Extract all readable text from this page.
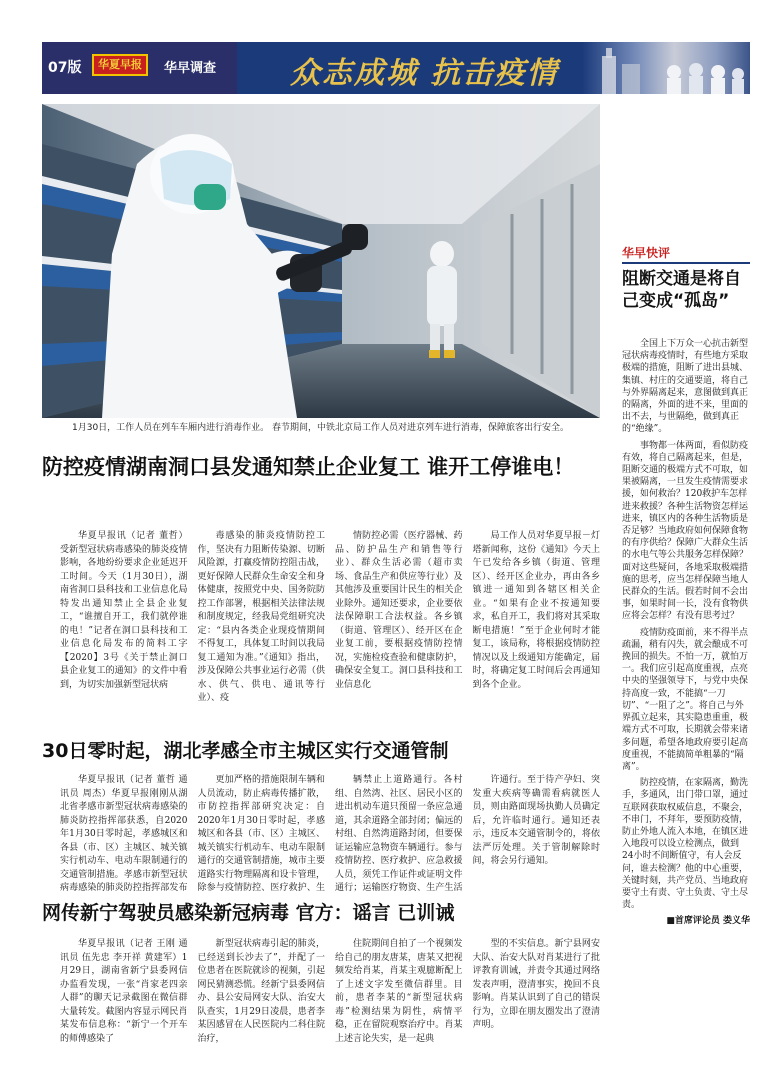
07版	华夏早报	华早调查 众志成城 抗击疫情
1月30日，工作人员在列车车厢内进行消毒作业。 春节期间，中铁北京局工作人员对进京列车进行消毒，保障旅客出行安全。
华早快评
阻断交通是将自己变成“孤岛”

全国上下万众一心抗击新型冠状病毒疫情时，有些地方采取极端的措施，阻断了进出县城、集镇、村庄的交通要道，将自己与外界隔离起来，意图做到真正的隔离，外面的进不来，里面的出不去，与世隔绝，做到真正的“绝缘”。

事物都一体两面，看似防疫有效，将自己隔离起来，但是，阻断交通的极端方式不可取，如果被隔离，一旦发生疫情需要求援，如何救治？120救护车怎样进来救援？各种生活物资怎样运进来，镇区内的各种生活物质是否足够？当地政府如何保障食物的有序供给？保障广大群众生活的水电气等公共服务怎样保障？面对这些疑问，各地采取极端措施的思考，应当怎样保障当地人民群众的生活。假若时间不会出事，如果时间一长，没有食物供应将会怎样？有没有思考过？

疫情防疫面前，来不得半点疏漏，稍有闪失，就会酿成不可挽回的损失。不怕一万，就怕万一。我们应引起高度重视，点亮中央的坚强领导下，与党中央保持高度一致，不能搞“一刀切”、“一阻了之”。将自己与外界孤立起来，其实隐患重重，极端方式不可取，长期就会带来诸多问题，希望各地政府要引起高度重视，不能搞简单粗暴的“隔离”。

防控疫情，在家隔离，勤洗手，多通风，出门带口罩，通过互联网获取权威信息，不聚会，不串门，不拜年，要预防疫情，防止外地人流入本地，在镇区进入地段可以设立检测点，做到24小时不间断值守，有人会反问，谁去检测？他的中心重要，关键时刻，共产党员、当地政府要守土有责、守土负责、守土尽责。

■首席评论员 娄义华

防控疫情湖南洞口县发通知禁止企业复工 谁开工停谁电！

华夏早报讯（记者 董哲）受新型冠状病毒感染的肺炎疫情影响，各地纷纷要求企业延迟开工时间。今天（1月30日），湖南省洞口县科技和工业信息化局特发出通知禁止全县企业复工，“谁擅自开工，我们就停谁的电！”记者在洞口县科技和工业信息化局发布的简料工字【2020】3号《关于禁止洞口县企业复工的通知》的文件中看到，为切实加强新型冠状病

毒感染的肺炎疫情防控工作，坚决有力阻断传染源、切断风险源，打赢疫情防控阻击战，更好保障人民群众生命安全和身体健康，按照党中央、国务院防控工作部署，根据相关法律法规和制度规定，经我局党组研究决定：“县内各类企业现疫情期间不得复工，具体复工时间以我局复工通知为准。”《通知》指出，涉及保障公共事业运行必需（供水、供气、供电、通讯等行业）、疫

情防控必需（医疗器械、药品、防护品生产和销售等行业）、群众生活必需（超市卖场、食品生产和供应等行业）及其他涉及重要国计民生的相关企业除外。通知还要求，企业要依法保障职工合法权益。各乡镇（街道、管理区）、经开区在企业复工前，要根据疫情防控情况，实施检疫查验和健康防护，确保安全复工。洞口县科技和工业信息化

局工作人员对华夏早报－灯塔新闻称，这份《通知》今天上午已发给各乡镇（街道、管理区）、经开区企业办，再由各乡镇进一通知到各辖区相关企业。“如果有企业不按通知要求，私自开工，我们将对其采取断电措施！”至于企业何时才能复工，该局称，将根据疫情防控情况以及上级通知方能确定，届时，将确定复工时间后会再通知到各个企业。

30日零时起，湖北孝感全市主城区实行交通管制

华夏早报讯（记者 董哲 通讯员 周杰）华夏早报刚刚从湖北省孝感市新型冠状病毒感染的肺炎防控指挥部获悉，自2020年1月30日零时起，孝感城区和各县（市、区）主城区、城关镇实行机动车、电动车限制通行的交通管制措施。孝感市新型冠状病毒感染的肺炎防控指挥部发布

更加严格的措施限制车辆和人员流动，防止病毒传播扩散，市防控指挥部研究决定：自2020年1月30日零时起，孝感城区和各县（市、区）主城区、城关镇实行机动车、电动车限制通行的交通管制措施，城市主要道路实行物理隔离和设卡管理，除参与疫情防控、医疗救护、生

辆禁止上道路通行。各村组、自然湾、社区、居民小区的进出机动车道只预留一条应急通道，其余道路全部封闭；偏远的村组、自然湾道路封闭，但要保证运输应急物资车辆通行。参与疫情防控、医疗救护、应急救援人员，须凭工作证件或证明文件通行；运输医疗物资、生产生活

许通行。至于待产孕妇、突发重大疾病等确需看病就医人员，则由路面现场执勤人员确定后，允许临时通行。通知还表示，违反本交通管制令的，将依法严厉处理。关于管制解除时间，将会另行通知。

网传新宁驾驶员感染新冠病毒 官方：谣言 已训诫

华夏早报讯（记者 王刚 通讯员 伍先忠 李开祥 黄建军）1月29日，湖南省新宁县委网信办监看发现，一张“肖家老四亲人群”的聊天记录截图在微信群大量转发。截图内容显示网民肖某发布信息称：“新宁一个开车的师傅感染了

新型冠状病毒引起的肺炎，已经送到长沙去了”，并配了一位患者在医院就诊的视频，引起网民猜测恐慌。经新宁县委网信办、县公安局网安大队、治安大队查实，1月29日凌晨，患者李某因感冒在人民医院内二科住院治疗，

住院期间自拍了一个视频发给自己的朋友唐某，唐某又把视频发给肖某，肖某主观臆断配上了上述文字发至微信群里。目前，患者李某的“新型冠状病毒”检测结果为阴性，病情平稳，正在留院观察治疗中。肖某上述言论失实，是一起典

型的不实信息。新宁县网安大队、治安大队对肖某进行了批评教育训诫，并责令其通过网络发表声明，澄清事实，挽回不良影响。肖某认识到了自己的错误行为，立即在朋友圈发出了澄清声明。
